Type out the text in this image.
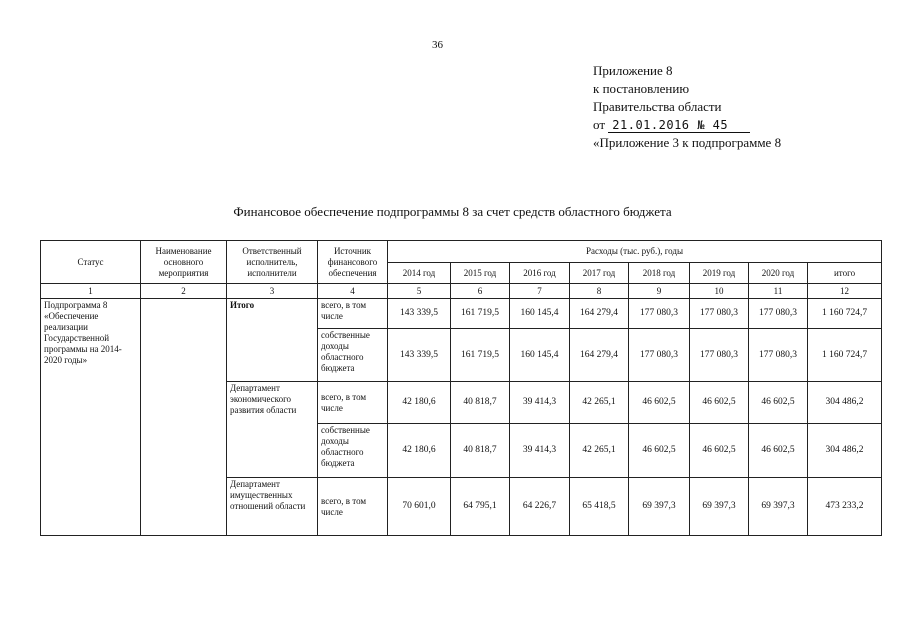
36
Приложение 8
к постановлению
Правительства области
от 21.01.2016 № 45
«Приложение 3 к подпрограмме 8
Финансовое обеспечение подпрограммы 8 за счет средств областного бюджета
Статус	Наименование основного мероприятия	Ответственный исполнитель, исполнители	Источник финансового обеспечения	Расходы (тыс. руб.), годы							
				2014 год	2015 год	2016 год	2017 год	2018 год	2019 год	2020 год	итого
1	2	3	4	5	6	7	8	9	10	11	12
Подпрограмма 8 «Обеспечение реализации Государственной программы на 2014-2020 годы»		Итого	всего, в том числе	143 339,5	161 719,5	160 145,4	164 279,4	177 080,3	177 080,3	177 080,3	1 160 724,7
			собственные доходы областного бюджета	143 339,5	161 719,5	160 145,4	164 279,4	177 080,3	177 080,3	177 080,3	1 160 724,7
		Департамент экономического развития области	всего, в том числе	42 180,6	40 818,7	39 414,3	42 265,1	46 602,5	46 602,5	46 602,5	304 486,2
			собственные доходы областного бюджета	42 180,6	40 818,7	39 414,3	42 265,1	46 602,5	46 602,5	46 602,5	304 486,2
		Департамент имущественных отношений области	всего, в том числе	70 601,0	64 795,1	64 226,7	65 418,5	69 397,3	69 397,3	69 397,3	473 233,2
